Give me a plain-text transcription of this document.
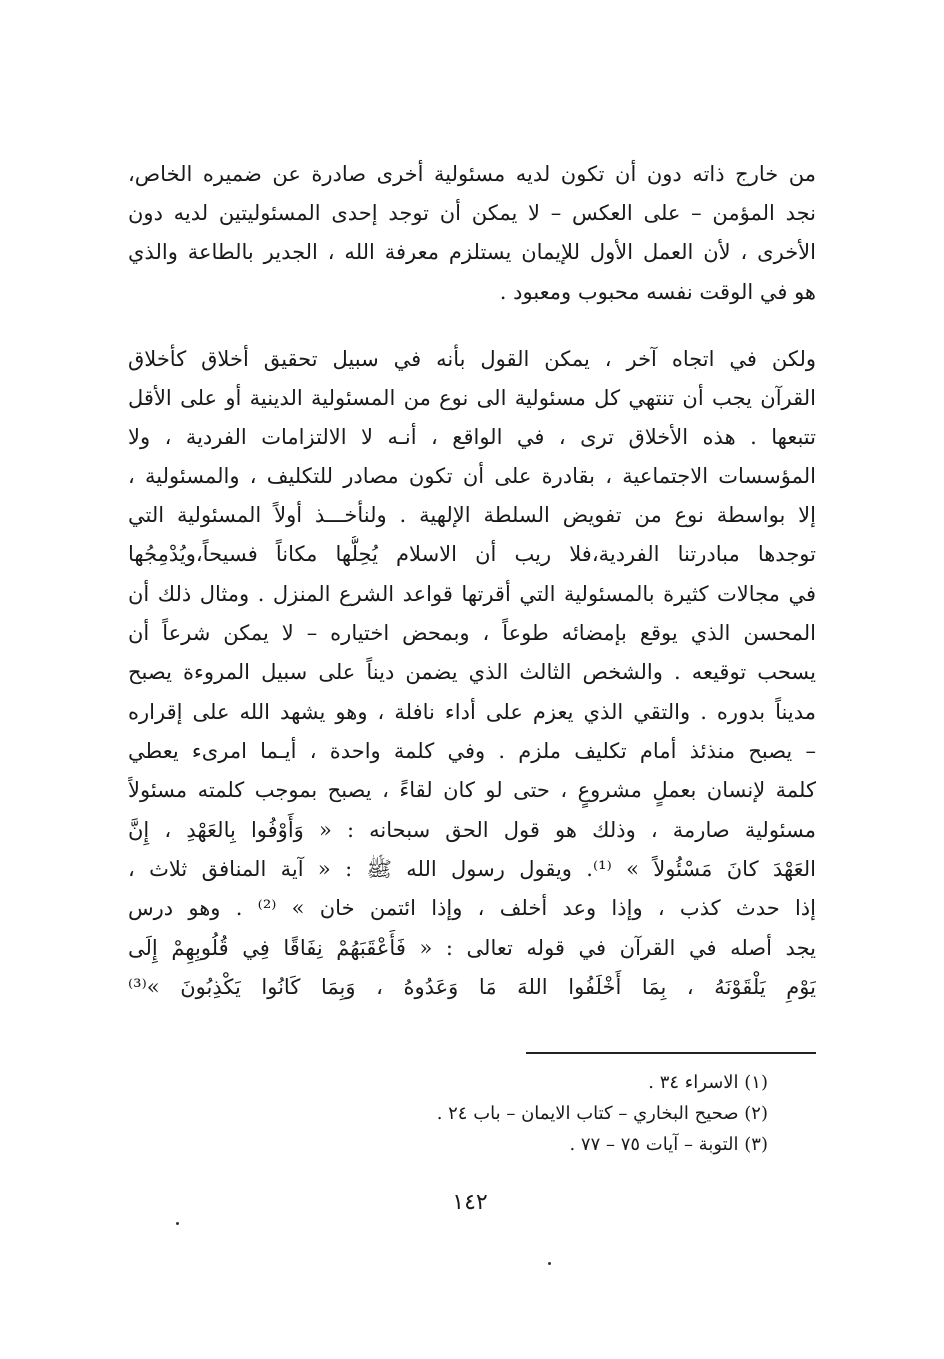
من خارج ذاته دون أن تكون لديه مسئولية أخرى صادرة عن ضميره الخاص،
نجد المؤمن – على العكس – لا يمكن أن توجد إحدى المسئوليتين لديه دون
الأخرى ، لأن العمل الأول للإيمان يستلزم معرفة الله ، الجدير بالطاعة والذي
هو في الوقت نفسه محبوب ومعبود .
ولكن في اتجاه آخر ، يمكن القول بأنه في سبيل تحقيق أخلاق كأخلاق
القرآن يجب أن تنتهي كل مسئولية الى نوع من المسئولية الدينية أو على الأقل
تتبعها . هذه الأخلاق ترى ، في الواقع ، أنـه لا الالتزامات الفردية ، ولا
المؤسسات الاجتماعية ، بقادرة على أن تكون مصادر للتكليف ، والمسئولية ،
إلا بواسطة نوع من تفويض السلطة الإلهية . ولنأخـــذ أولاً المسئولية التي
توجدها مبادرتنا الفردية،فلا ريب أن الاسلام يُحِلُّها مكاناً فسيحاً،ويُدْمِجُها
في مجالات كثيرة بالمسئولية التي أقرتها قواعد الشرع المنزل . ومثال ذلك أن
المحسن الذي يوقع بإمضائه طوعاً ، وبمحض اختياره – لا يمكن شرعاً أن
يسحب توقيعه . والشخص الثالث الذي يضمن ديناً على سبيل المروءة يصبح
مديناً بدوره . والتقي الذي يعزم على أداء نافلة ، وهو يشهد الله على إقراره
– يصبح منذئذ أمام تكليف ملزم . وفي كلمة واحدة ، أيـما امرىء يعطي
كلمة لإنسان بعملٍ مشروعٍ ، حتى لو كان لقاءً ، يصبح بموجب كلمته مسئولاً
مسئولية صارمة ، وذلك هو قول الحق سبحانه : « وَأَوْفُوا بِالعَهْدِ ، إِنَّ
العَهْدَ كانَ مَسْئُولاً » ⁽¹⁾. ويقول رسول الله ﷺ : « آية المنافق ثلاث ،
إذا حدث كذب ، وإذا وعد أخلف ، وإذا ائتمن خان » ⁽²⁾ . وهو درس
يجد أصله في القرآن في قوله تعالى : « فَأَعْقَبَهُمْ نِفَاقًا فِي قُلُوبِهِمْ إِلَى
يَوْمِ يَلْقَوْنَهُ ، بِمَا أَخْلَفُوا اللهَ مَا وَعَدُوهُ ، وَبِمَا كَانُوا يَكْذِبُونَ »⁽³⁾
(١) الاسراء ٣٤ .
(٢) صحيح البخاري – كتاب الايمان – باب ٢٤ .
(٣) التوبة – آيات ٧٥ – ٧٧ .
١٤٢
